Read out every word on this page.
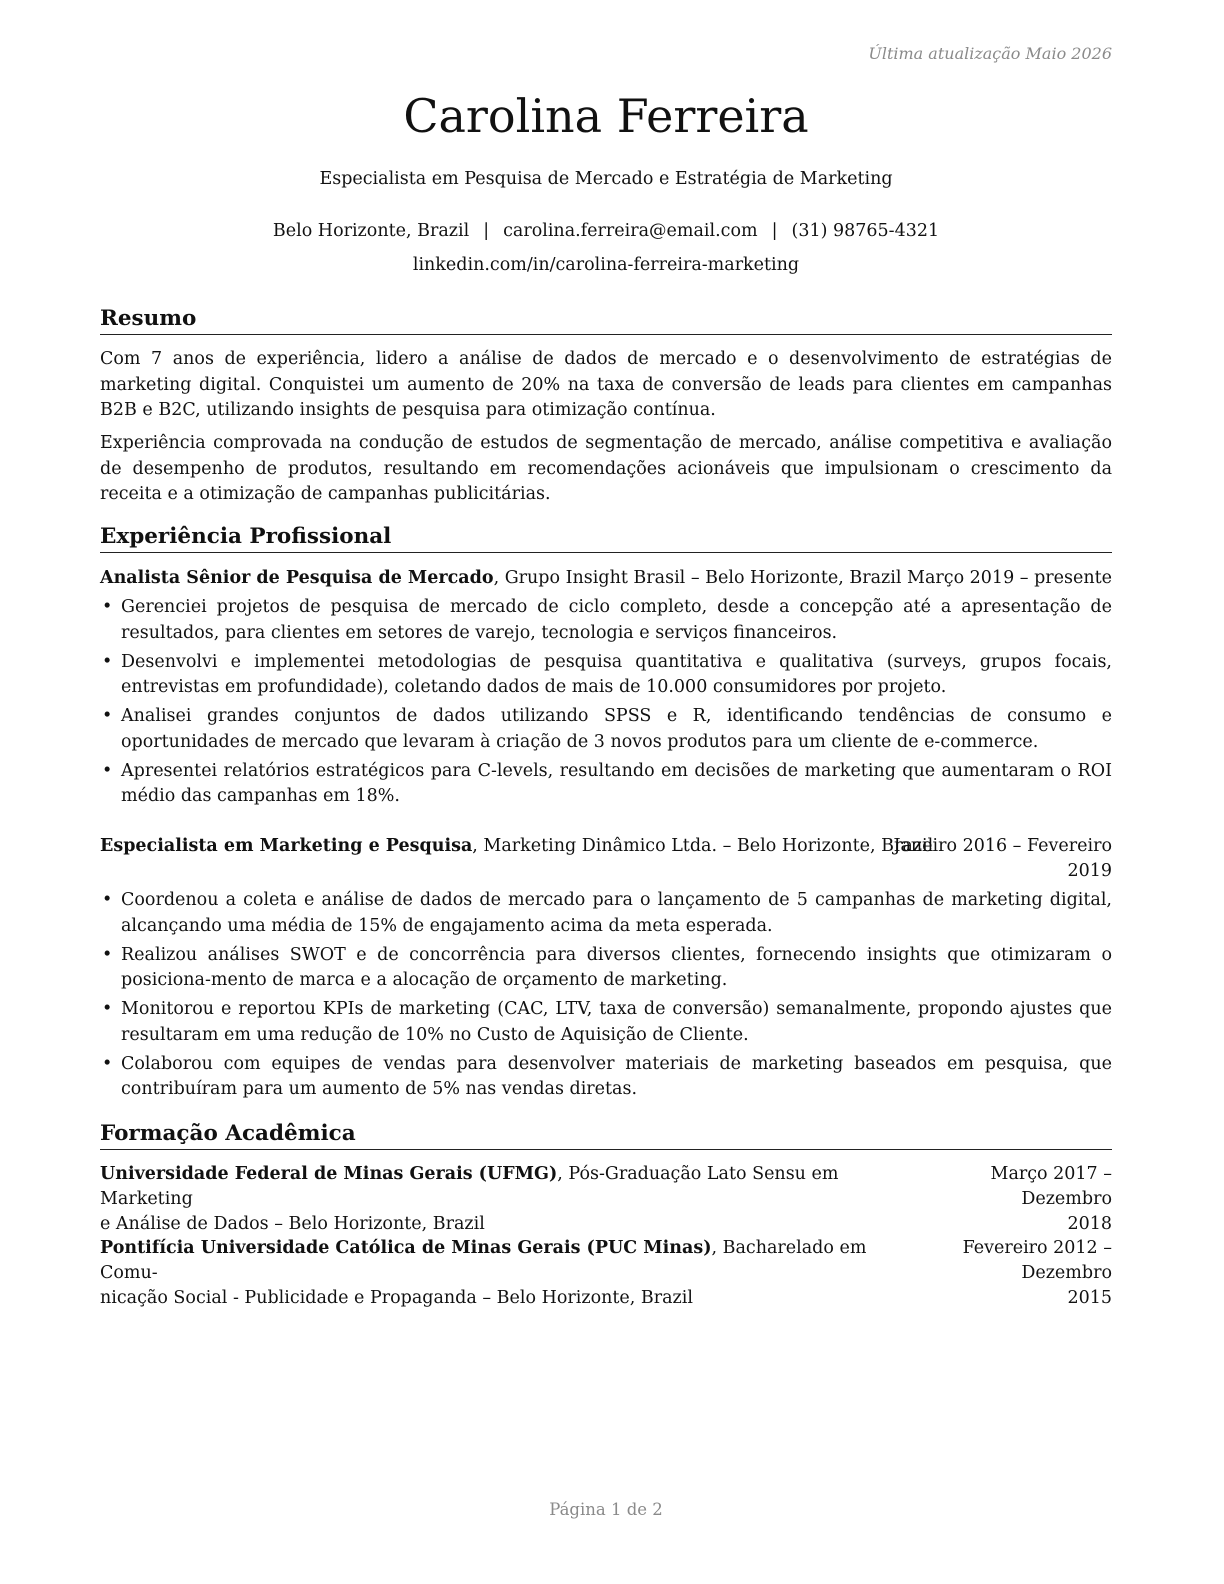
Última atualização Maio 2026
Carolina Ferreira
Especialista em Pesquisa de Mercado e Estratégia de Marketing
Belo Horizonte, Brazil | carolina.ferreira@email.com | (31) 98765-4321
linkedin.com/in/carolina-ferreira-marketing
Resumo
Com 7 anos de experiência, lidero a análise de dados de mercado e o desenvolvimento de estratégias de marketing digital. Conquistei um aumento de 20% na taxa de conversão de leads para clientes em campanhas B2B e B2C, utilizando insights de pesquisa para otimização contínua.
Experiência comprovada na condução de estudos de segmentação de mercado, análise competitiva e avaliação de desempenho de produtos, resultando em recomendações acionáveis que impulsionam o crescimento da receita e a otimização de campanhas publicitárias.
Experiência Profissional
Analista Sênior de Pesquisa de Mercado, Grupo Insight Brasil – Belo Horizonte, Brazil Março 2019 – presente
• Gerenciei projetos de pesquisa de mercado de ciclo completo, desde a concepção até a apresentação de resultados, para clientes em setores de varejo, tecnologia e serviços financeiros.
• Desenvolvi e implementei metodologias de pesquisa quantitativa e qualitativa (surveys, grupos focais, entrevistas em profundidade), coletando dados de mais de 10.000 consumidores por projeto.
• Analisei grandes conjuntos de dados utilizando SPSS e R, identificando tendências de consumo e oportunidades de mercado que levaram à criação de 3 novos produtos para um cliente de e-commerce.
• Apresentei relatórios estratégicos para C-levels, resultando em decisões de marketing que aumentaram o ROI médio das campanhas em 18%.
Especialista em Marketing e Pesquisa, Marketing Dinâmico Ltda. – Belo Horizonte, Brazil
Janeiro 2016 – Fevereiro
2019
• Coordenou a coleta e análise de dados de mercado para o lançamento de 5 campanhas de marketing digital, alcançando uma média de 15% de engajamento acima da meta esperada.
• Realizou análises SWOT e de concorrência para diversos clientes, fornecendo insights que otimizaram o posiciona-mento de marca e a alocação de orçamento de marketing.
• Monitorou e reportou KPIs de marketing (CAC, LTV, taxa de conversão) semanalmente, propondo ajustes que resultaram em uma redução de 10% no Custo de Aquisição de Cliente.
• Colaborou com equipes de vendas para desenvolver materiais de marketing baseados em pesquisa, que contribuíram para um aumento de 5% nas vendas diretas.
Formação Acadêmica
Universidade Federal de Minas Gerais (UFMG), Pós-Graduação Lato Sensu em Marketing
e Análise de Dados – Belo Horizonte, Brazil
Março 2017 – Dezembro
2018
Pontifícia Universidade Católica de Minas Gerais (PUC Minas), Bacharelado em Comu-
nicação Social - Publicidade e Propaganda – Belo Horizonte, Brazil
Fevereiro 2012 – Dezembro
2015
Página 1 de 2
